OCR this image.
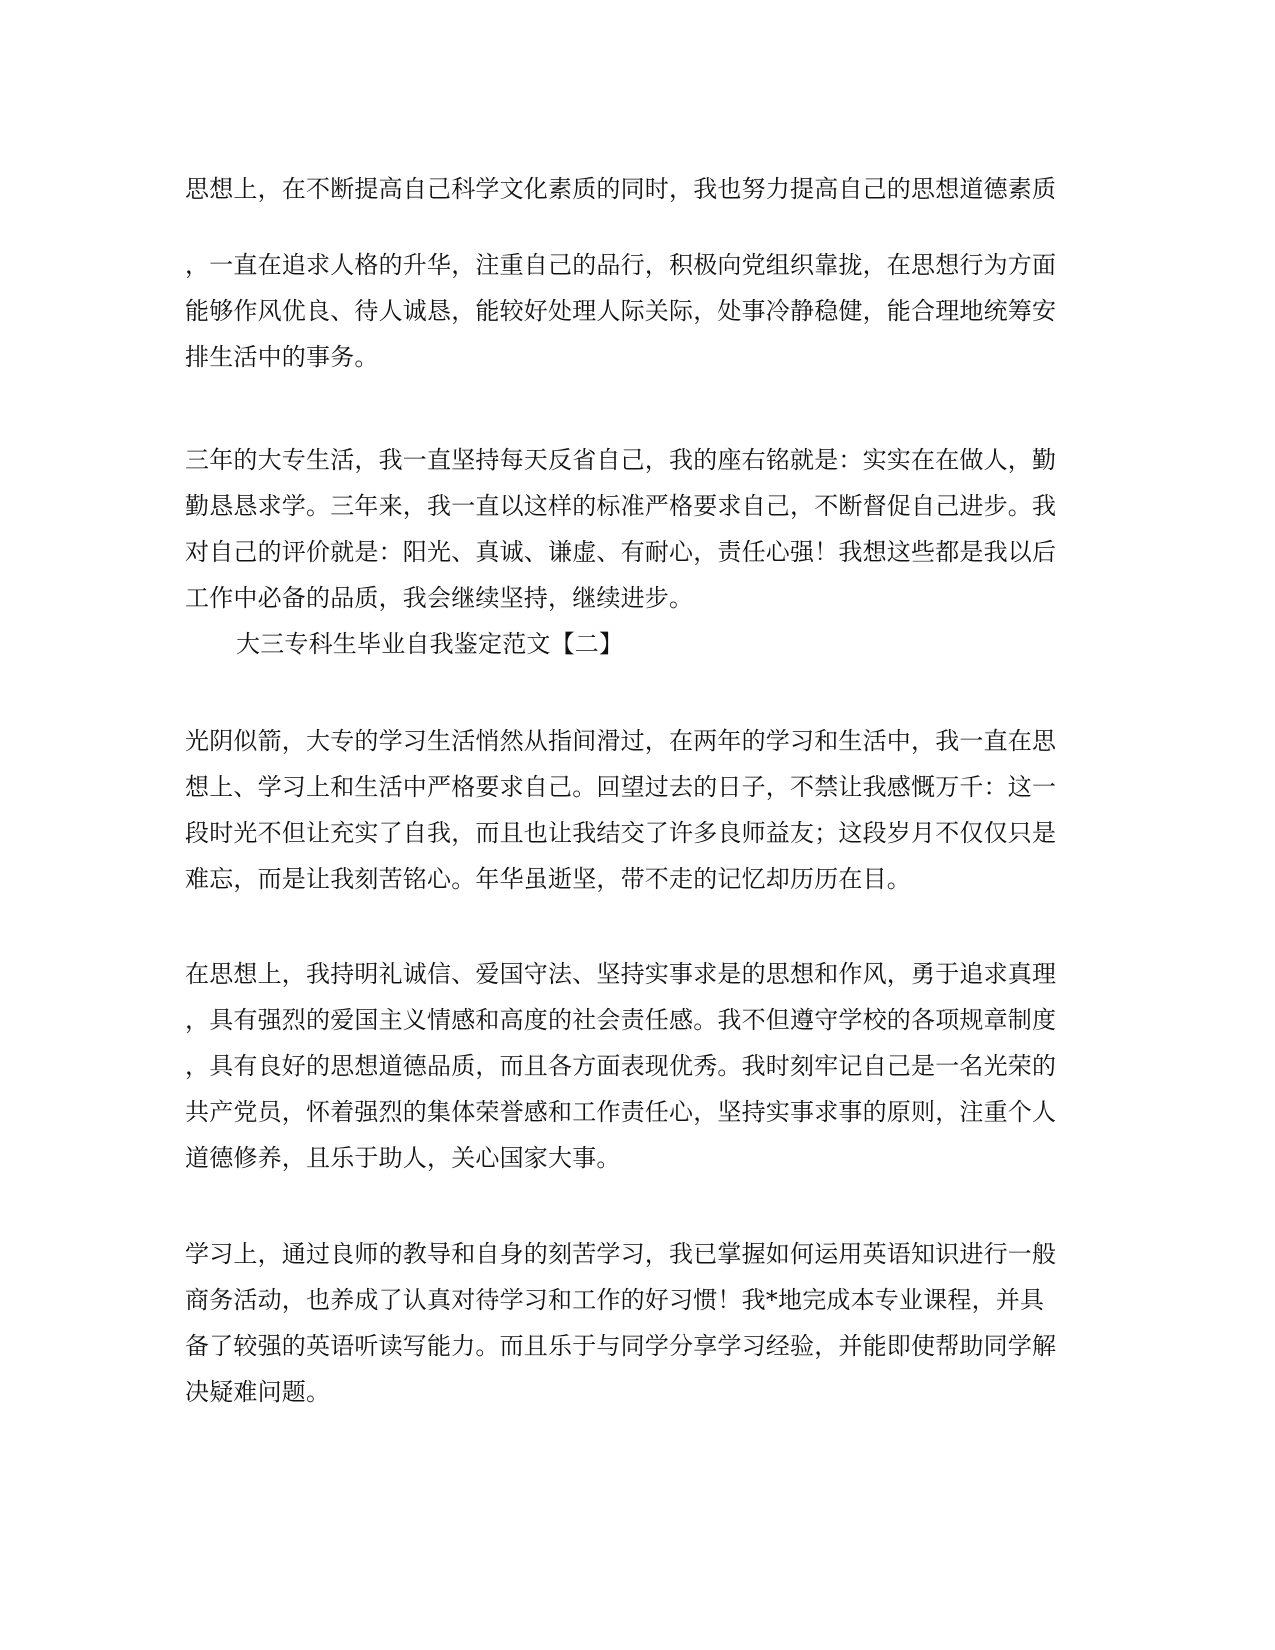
思想上，在不断提高自己科学文化素质的同时，我也努力提高自己的思想道德素质
，一直在追求人格的升华，注重自己的品行，积极向党组织靠拢，在思想行为方面
能够作风优良、待人诚恳，能较好处理人际关际，处事冷静稳健，能合理地统筹安
排生活中的事务。
三年的大专生活，我一直坚持每天反省自己，我的座右铭就是：实实在在做人，勤
勤恳恳求学。三年来，我一直以这样的标准严格要求自己，不断督促自己进步。我
对自己的评价就是：阳光、真诚、谦虚、有耐心，责任心强！我想这些都是我以后
工作中必备的品质，我会继续坚持，继续进步。
大三专科生毕业自我鉴定范文【二】
光阴似箭，大专的学习生活悄然从指间滑过，在两年的学习和生活中，我一直在思
想上、学习上和生活中严格要求自己。回望过去的日子，不禁让我感慨万千：这一
段时光不但让充实了自我，而且也让我结交了许多良师益友；这段岁月不仅仅只是
难忘，而是让我刻苦铭心。年华虽逝坚，带不走的记忆却历历在目。
在思想上，我持明礼诚信、爱国守法、坚持实事求是的思想和作风，勇于追求真理
，具有强烈的爱国主义情感和高度的社会责任感。我不但遵守学校的各项规章制度
，具有良好的思想道德品质，而且各方面表现优秀。我时刻牢记自己是一名光荣的
共产党员，怀着强烈的集体荣誉感和工作责任心，坚持实事求事的原则，注重个人
道德修养，且乐于助人，关心国家大事。
学习上，通过良师的教导和自身的刻苦学习，我已掌握如何运用英语知识进行一般
商务活动，也养成了认真对待学习和工作的好习惯！我*地完成本专业课程，并具
备了较强的英语听读写能力。而且乐于与同学分享学习经验，并能即使帮助同学解
决疑难问题。
